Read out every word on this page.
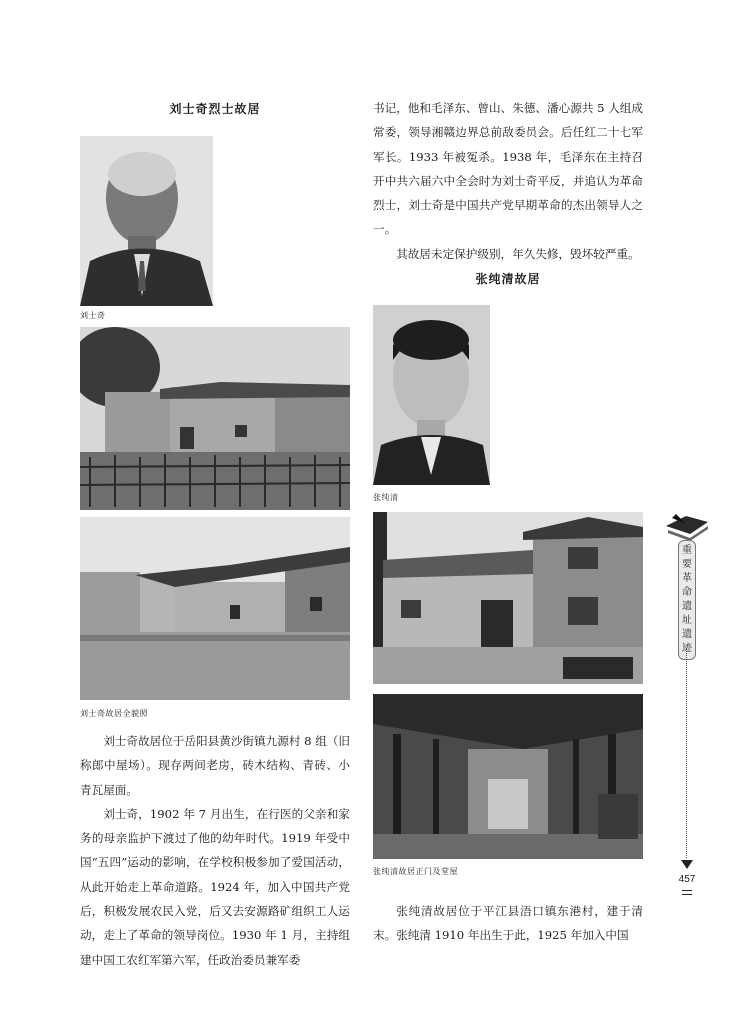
刘士奇烈士故居
刘士奇
刘士奇故居全貌照

刘士奇故居位于岳阳县黄沙街镇九源村 8 组（旧称郎中屋场）。现存两间老房，砖木结构、青砖、小青瓦屋面。

刘士奇，1902 年 7 月出生，在行医的父亲和家务的母亲监护下渡过了他的幼年时代。1919 年受中国“五四”运动的影响，在学校积极参加了爱国活动，从此开始走上革命道路。1924 年，加入中国共产党后，积极发展农民入党，后又去安源路矿组织工人运动，走上了革命的领导岗位。1930 年 1 月，主持组建中国工农红军第六军，任政治委员兼军委

书记，他和毛泽东、曾山、朱德、潘心源共 5 人组成常委，领导湘赣边界总前敌委员会。后任红二十七军军长。1933 年被冤杀。1938 年，毛泽东在主持召开中共六届六中全会时为刘士奇平反，并追认为革命烈士，刘士奇是中国共产党早期革命的杰出领导人之一。

其故居未定保护级别，年久失修，毁坏较严重。

张纯清故居
张纯清
张纯清故居正门及堂屋

张纯清故居位于平江县浯口镇东港村，建于清末。张纯清 1910 年出生于此，1925 年加入中国

重要革命遗址遗迹
457
